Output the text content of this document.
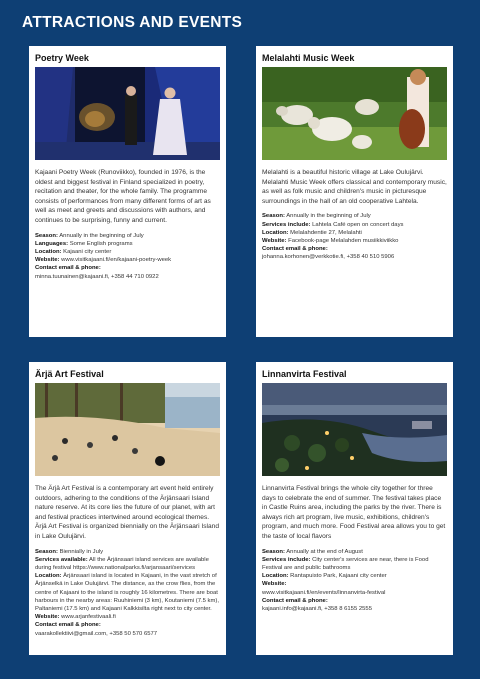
ATTRACTIONS AND EVENTS
Poetry Week

Kajaani Poetry Week (Runoviikko), founded in 1976, is the oldest and biggest festival in Finland specialized in poetry, recitation and theater, for the whole family. The programme consists of performances from many different forms of art as well as meet and greets and discussions with authors, and continues to be surprising, funny and current.

Season: Annually in the beginning of July
Languages: Some English programs
Location: Kajaani city center
Website: www.visitkajaani.fi/en/kajaani-poetry-week
Contact email & phone:
minna.tuunainen@kajaani.fi, +358 44 710 0922
Melalahti Music Week

Melalahti is a beautiful historic village at Lake Oulujärvi. Melalahti Music Week offers classical and contemporary music, as well as folk music and children's music in picturesque surroundings in the hall of an old cooperative Lahtela.

Season: Annually in the beginning of July
Services include: Lahtela Café open on concert days
Location: Melalahdentie 27, Melalahti
Website: Facebook-page Melalahden musiikkiviikko
Contact email & phone:
johanna.korhonen@verkkotie.fi, +358 40 510 5906
Ärjä Art Festival

The Ärjä Art Festival is a contemporary art event held entirely outdoors, adhering to the conditions of the Ärjänsaari Island nature reserve. At its core lies the future of our planet, with art and festival practices intertwined around ecological themes. Ärjä Art Festival is organized biennially on the Ärjänsaari Island in Lake Oulujärvi.

Season: Biennially in July
Services available: All the Ärjänsaari island services are available during festival https://www.nationalparks.fi/arjansaari/services
Location: Ärjänsaari island is located in Kajaani, in the vast stretch of Ärjänselkä in Lake Oulujärvi. The distance, as the crow flies, from the centre of Kajaani to the island is roughly 16 kilometres. There are boat harbours in the nearby areas: Ruuhiniemi (3 km), Koutaniemi (7.5 km), Paltaniemi (17.5 km) and Kajaani Kalkkisilta right next to city center.
Website: www.arjanfestivaali.fi
Contact email & phone:
vaarakollektiivi@gmail.com, +358 50 570 6577
Linnanvirta Festival

Linnanvirta Festival brings the whole city together for three days to celebrate the end of summer. The festival takes place in Castle Ruins area, including the parks by the river. There is always rich art program, live music, exhibitions, children's program, and much more. Food Festival area allows you to get the taste of local flavors

Season: Annually at the end of August
Services include: City center's services are near, there is Food Festival are and public bathrooms
Location: Rantapuisto Park, Kajaani city center
Website:
www.visitkajaani.fi/en/events/linnanvirta-festival
Contact email & phone:
kajaani.info@kajaani.fi, +358 8 6155 2555
